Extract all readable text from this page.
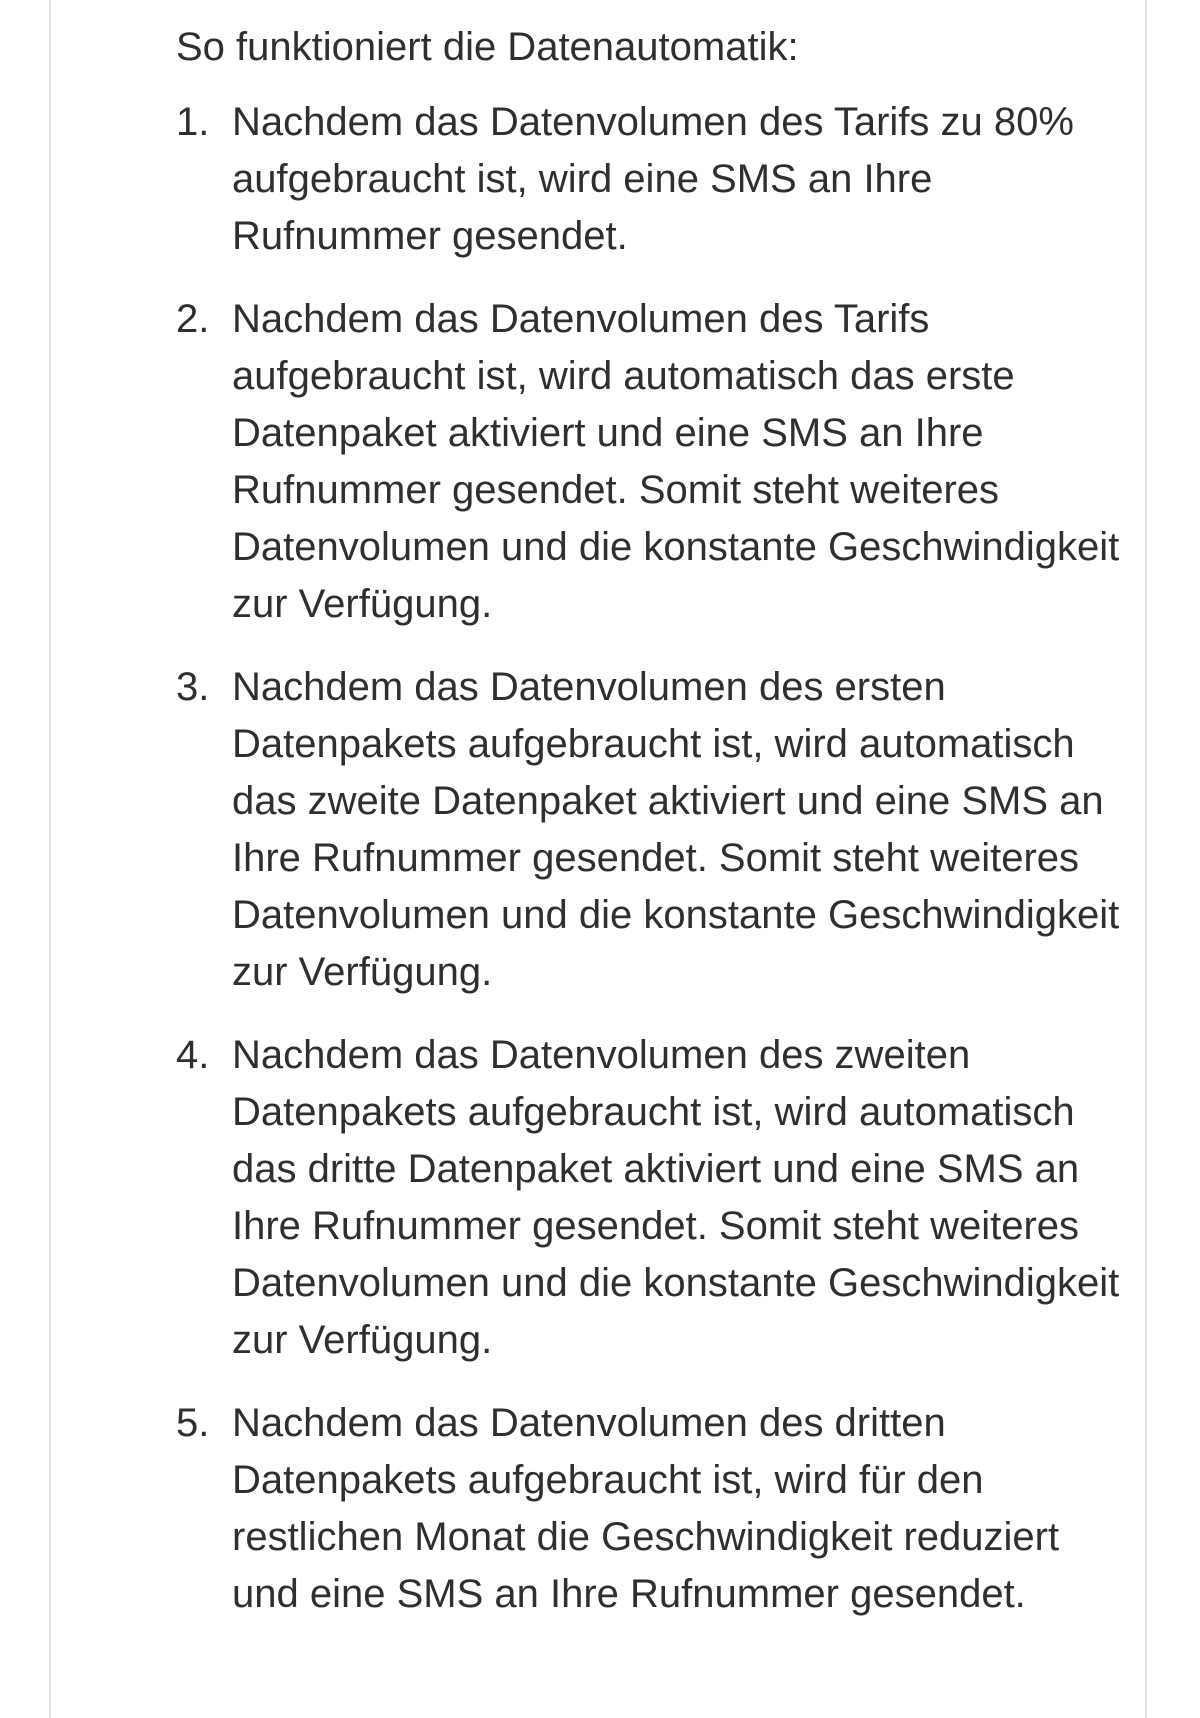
So funktioniert die Datenautomatik:

1. Nachdem das Datenvolumen des Tarifs zu 80% aufgebraucht ist, wird eine SMS an Ihre Rufnummer gesendet.
2. Nachdem das Datenvolumen des Tarifs aufgebraucht ist, wird automatisch das erste Datenpaket aktiviert und eine SMS an Ihre Rufnummer gesendet. Somit steht weiteres Datenvolumen und die konstante Geschwindigkeit zur Verfügung.
3. Nachdem das Datenvolumen des ersten Datenpakets aufgebraucht ist, wird automatisch das zweite Datenpaket aktiviert und eine SMS an Ihre Rufnummer gesendet. Somit steht weiteres Datenvolumen und die konstante Geschwindigkeit zur Verfügung.
4. Nachdem das Datenvolumen des zweiten Datenpakets aufgebraucht ist, wird automatisch das dritte Datenpaket aktiviert und eine SMS an Ihre Rufnummer gesendet. Somit steht weiteres Datenvolumen und die konstante Geschwindigkeit zur Verfügung.
5. Nachdem das Datenvolumen des dritten Datenpakets aufgebraucht ist, wird für den restlichen Monat die Geschwindigkeit reduziert und eine SMS an Ihre Rufnummer gesendet.
